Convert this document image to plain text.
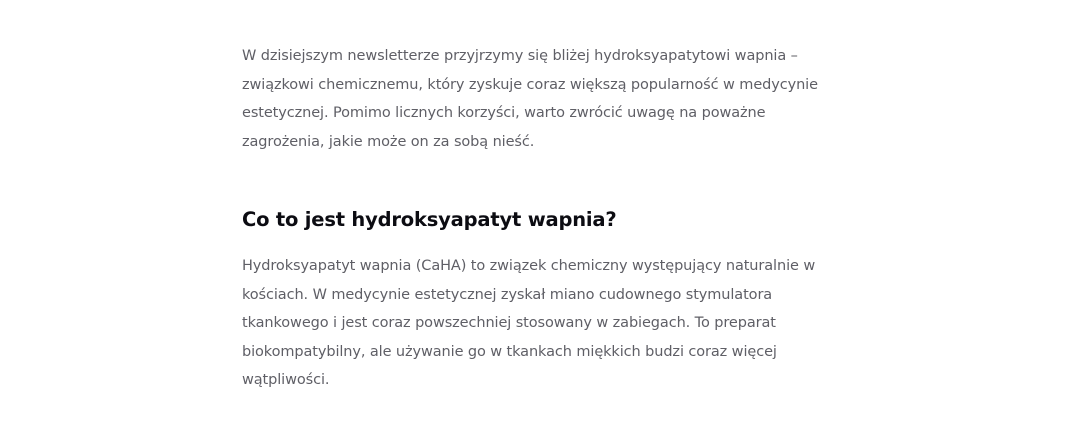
W dzisiejszym newsletterze przyjrzymy się bliżej hydroksyapatytowi wapnia – związkowi chemicznemu, który zyskuje coraz większą popularność w medycynie estetycznej. Pomimo licznych korzyści, warto zwrócić uwagę na poważne zagrożenia, jakie może on za sobą nieść.

Co to jest hydroksyapatyt wapnia?

Hydroksyapatyt wapnia (CaHA) to związek chemiczny występujący naturalnie w kościach. W medycynie estetycznej zyskał miano cudownego stymulatora tkankowego i jest coraz powszechniej stosowany w zabiegach. To preparat biokompatybilny, ale używanie go w tkankach miękkich budzi coraz więcej wątpliwości.
